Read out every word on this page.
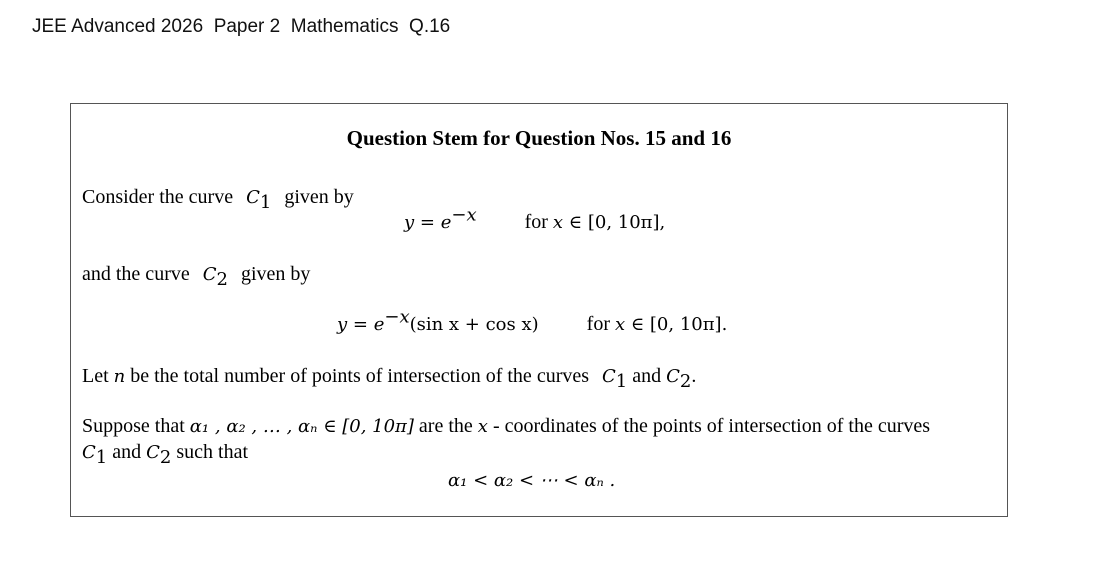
JEE Advanced 2026  Paper 2  Mathematics  Q.16
Question Stem for Question Nos. 15 and 16
Consider the curve $C_1$ given by
$y = e^{-x}$ for x ∈ [0, 10π],
and the curve $C_2$ given by
$y = e^{-x}(\sin$ x + cos x) for x ∈ [0, 10π].
Let n be the total number of points of intersection of the curves $C_1$ and $C_2$.
Suppose that α₁ , α₂ , … , αₙ ∈ [0, 10π] are the x - coordinates of the points of intersection of the curves
$C_1$ and $C_2$ such that
α₁ < α₂ < ⋯ < αₙ .
